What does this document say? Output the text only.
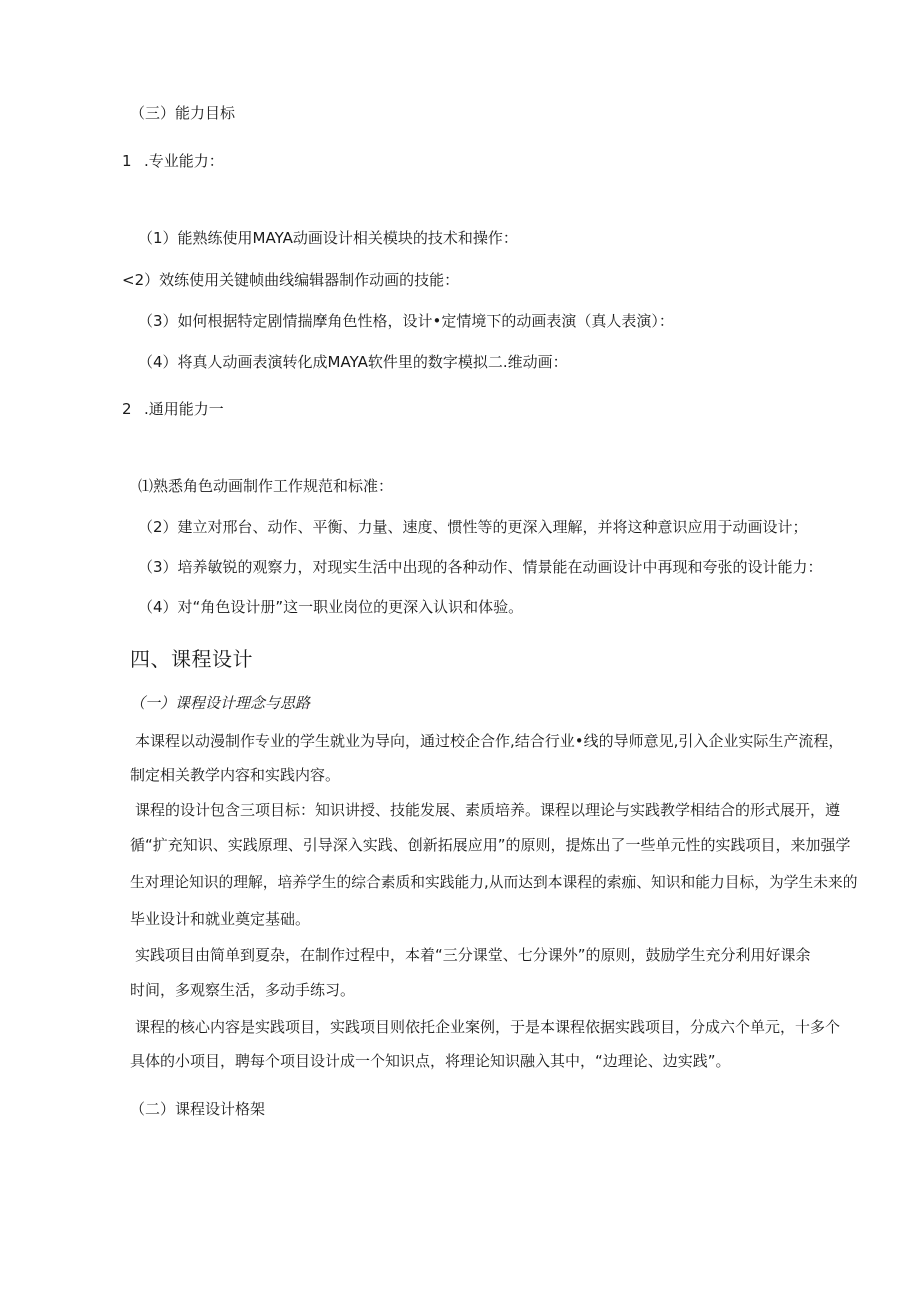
（三）能力目标
1 .专业能力：
（1）能熟练使用MAYA动画设计相关模块的技术和操作：
<2）效练使用关键帧曲线编辑器制作动画的技能：
（3）如何根据特定剧情揣摩角色性格，设计•定情境下的动画表演（真人表演）：
（4）将真人动画表演转化成MAYA软件里的数字模拟二.维动画：
2 .通用能力一
⑴熟悉角色动画制作工作规范和标准：
（2）建立对邢台、动作、平衡、力量、速度、惯性等的更深入理解，并将这种意识应用于动画设计；
（3）培养敏锐的观察力，对现实生活中出现的各种动作、情景能在动画设计中再现和夸张的设计能力：
（4）对“角色设计册”这一职业岗位的更深入认识和体验。
四、课程设计
（一）课程设计理念与思路
本课程以动漫制作专业的学生就业为导向，通过校企合作,结合行业•线的导师意见,引入企业实际生产流程，
制定相关教学内容和实践内容。
课程的设计包含三项目标：知识讲授、技能发展、素质培养。课程以理论与实践教学相结合的形式展开，遵
循“扩充知识、实践原理、引导深入实践、创新拓展应用”的原则，提炼出了一些单元性的实践项目，来加强学
生对理论知识的理解，培养学生的综合素质和实践能力,从而达到本课程的索痂、知识和能力目标，为学生未来的
毕业设计和就业奠定基础。
实践项目由简单到夏杂，在制作过程中，本着“三分课堂、七分课外”的原则，鼓励学生充分利用好课余
时间，多观察生活，多动手练习。
课程的核心内容是实践项目，实践项目则依托企业案例，于是本课程依据实践项目，分成六个单元，十多个
具体的小项目，聘每个项目设计成一个知识点，将理论知识融入其中，“边理论、边实践”。
（二）课程设计格架
